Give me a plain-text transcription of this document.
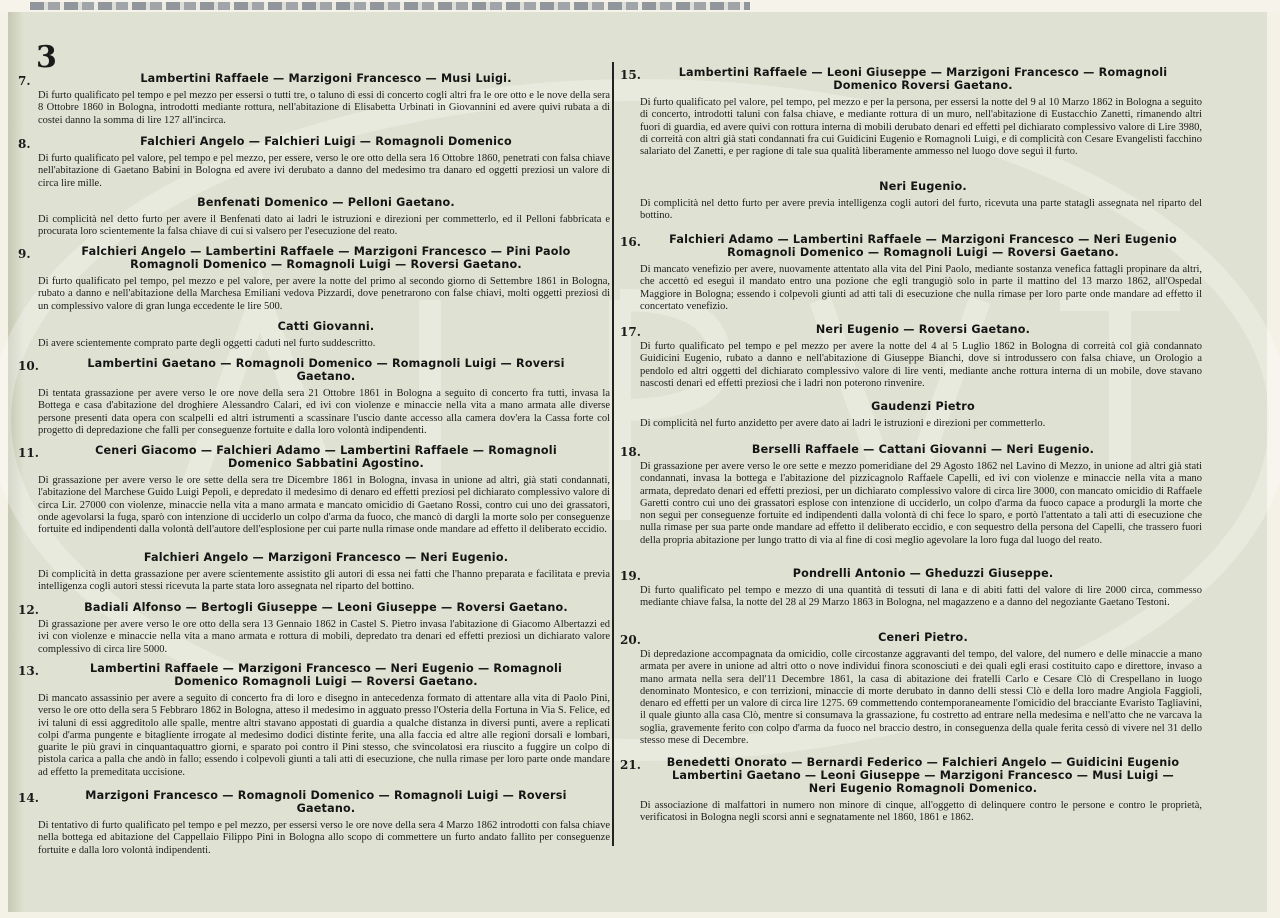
3
7.	Lambertini Raffaele — Marzigoni Francesco — Musi Luigi.
Di furto qualificato pel tempo e pel mezzo per essersi o tutti tre, o taluno di essi di concerto cogli altri fra le ore otto e le nove della sera 8 Ottobre 1860 in Bologna, introdotti mediante rottura, nell'abitazione di Elisabetta Urbinati in Giovannini ed avere quivi rubata a di costei danno la somma di lire 127 all'incirca.
8.	Falchieri Angelo — Falchieri Luigi — Romagnoli Domenico
Di furto qualificato pel valore, pel tempo e pel mezzo, per essere, verso le ore otto della sera 16 Ottobre 1860, penetrati con falsa chiave nell'abitazione di Gaetano Babini in Bologna ed avere ivi derubato a danno del medesimo tra danaro ed oggetti preziosi un valore di circa lire mille.
Benfenati Domenico — Pelloni Gaetano.
Di complicità nel detto furto per avere il Benfenati dato ai ladri le istruzioni e direzioni per commetterlo, ed il Pelloni fabbricata e procurata loro scientemente la falsa chiave di cui si valsero per l'esecuzione del reato.
9.	Falchieri Angelo — Lambertini Raffaele — Marzigoni Francesco — Pini Paolo Romagnoli Domenico — Romagnoli Luigi — Roversi Gaetano.
Di furto qualificato pel tempo, pel mezzo e pel valore, per avere la notte del primo al secondo giorno di Settembre 1861 in Bologna, rubato a danno e nell'abitazione della Marchesa Emiliani vedova Pizzardi, dove penetrarono con false chiavi, molti oggetti preziosi di un complessivo valore di gran lunga eccedente le lire 500.
Catti Giovanni.
Di avere scientemente comprato parte degli oggetti caduti nel furto suddescritto.
10.	Lambertini Gaetano — Romagnoli Domenico — Romagnoli Luigi — Roversi Gaetano.
Di tentata grassazione per avere verso le ore nove della sera 21 Ottobre 1861 in Bologna a seguito di concerto fra tutti, invasa la Bottega e casa d'abitazione del droghiere Alessandro Calari, ed ivi con violenze e minaccie nella vita a mano armata alle diverse persone presenti data opera con scalpelli ed altri istrumenti a scassinare l'uscio dante accesso alla camera dov'era la Cassa forte col progetto di depredazione che fallì per conseguenze fortuite e dalla loro volontà indipendenti.
11.	Ceneri Giacomo — Falchieri Adamo — Lambertini Raffaele — Romagnoli Domenico Sabbatini Agostino.
Di grassazione per avere verso le ore sette della sera tre Dicembre 1861 in Bologna, invasa in unione ad altri, già stati condannati, l'abitazione del Marchese Guido Luigi Pepoli, e depredato il medesimo di denaro ed effetti preziosi pel dichiarato complessivo valore di circa Lir. 27000 con violenze, minaccie nella vita a mano armata e mancato omicidio di Gaetano Rossi, contro cui uno dei grassatori, onde agevolarsi la fuga, sparò con intenzione di ucciderlo un colpo d'arma da fuoco, che mancò di dargli la morte solo per conseguenze fortuite ed indipendenti dalla volontà dell'autore dell'esplosione per cui parte nulla rimase onde mandare ad effetto il deliberato eccidio.
Falchieri Angelo — Marzigoni Francesco — Neri Eugenio.
Di complicità in detta grassazione per avere scientemente assistito gli autori di essa nei fatti che l'hanno preparata e facilitata e previa intelligenza cogli autori stessi ricevuta la parte stata loro assegnata nel riparto del bottino.
12.	Badiali Alfonso — Bertogli Giuseppe — Leoni Giuseppe — Roversi Gaetano.
Di grassazione per avere verso le ore otto della sera 13 Gennaio 1862 in Castel S. Pietro invasa l'abitazione di Giacomo Albertazzi ed ivi con violenze e minaccie nella vita a mano armata e rottura di mobili, depredato tra denari ed effetti preziosi un dichiarato valore complessivo di circa lire 5000.
13.	Lambertini Raffaele — Marzigoni Francesco — Neri Eugenio — Romagnoli Domenico Romagnoli Luigi — Roversi Gaetano.
Di mancato assassinio per avere a seguito di concerto fra di loro e disegno in antecedenza formato di attentare alla vita di Paolo Pini, verso le ore otto della sera 5 Febbraro 1862 in Bologna, atteso il medesimo in agguato presso l'Osteria della Fortuna in Via S. Felice, ed ivi taluni di essi aggreditolo alle spalle, mentre altri stavano appostati di guardia a qualche distanza in diversi punti, avere a replicati colpi d'arma pungente e bitagliente irrogate al medesimo dodici distinte ferite, una alla faccia ed altre alle regioni dorsali e lombari, guarite le più gravi in cinquantaquattro giorni, e sparato poi contro il Pini stesso, che svincolatosi era riuscito a fuggire un colpo di pistola carica a palla che andò in fallo; essendo i colpevoli giunti a tali atti di esecuzione, che nulla rimase per loro parte onde mandare ad effetto la premeditata uccisione.
14.	Marzigoni Francesco — Romagnoli Domenico — Romagnoli Luigi — Roversi Gaetano.
Di tentativo di furto qualificato pel tempo e pel mezzo, per essersi verso le ore nove della sera 4 Marzo 1862 introdotti con falsa chiave nella bottega ed abitazione del Cappellaio Filippo Pini in Bologna allo scopo di commettere un furto andato fallito per conseguenze fortuite e dalla loro volontà indipendenti.
15.	Lambertini Raffaele — Leoni Giuseppe — Marzigoni Francesco — Romagnoli Domenico Roversi Gaetano.
Di furto qualificato pel valore, pel tempo, pel mezzo e per la persona, per essersi la notte del 9 al 10 Marzo 1862 in Bologna a seguito di concerto, introdotti taluni con falsa chiave, e mediante rottura di un muro, nell'abitazione di Eustacchio Zanetti, rimanendo altri fuori di guardia, ed avere quivi con rottura interna di mobili derubato denari ed effetti pel dichiarato complessivo valore di Lire 3980, di correità con altri già stati condannati fra cui Guidicini Eugenio e Romagnoli Luigi, e di complicità con Cesare Evangelisti facchino salariato del Zanetti, e per ragione di tale sua qualità liberamente ammesso nel luogo dove seguì il furto.
Neri Eugenio.
Di complicità nel detto furto per avere previa intelligenza cogli autori del furto, ricevuta una parte statagli assegnata nel riparto del bottino.
16.	Falchieri Adamo — Lambertini Raffaele — Marzigoni Francesco — Neri Eugenio Romagnoli Domenico — Romagnoli Luigi — Roversi Gaetano.
Di mancato venefizio per avere, nuovamente attentato alla vita del Pini Paolo, mediante sostanza venefica fattagli propinare da altri, che accettò ed eseguì il mandato entro una pozione che egli trangugiò solo in parte il mattino del 13 marzo 1862, all'Ospedal Maggiore in Bologna; essendo i colpevoli giunti ad atti tali di esecuzione che nulla rimase per loro parte onde mandare ad effetto il concertato venefizio.
17.	Neri Eugenio — Roversi Gaetano.
Di furto qualificato pel tempo e pel mezzo per avere la notte del 4 al 5 Luglio 1862 in Bologna di correità col già condannato Guidicini Eugenio, rubato a danno e nell'abitazione di Giuseppe Bianchi, dove si introdussero con falsa chiave, un Orologio a pendolo ed altri oggetti del dichiarato complessivo valore di lire venti, mediante anche rottura interna di un mobile, dove stavano nascosti denari ed effetti preziosi che i ladri non poterono rinvenire.
Gaudenzi Pietro
Di complicità nel furto anzidetto per avere dato ai ladri le istruzioni e direzioni per commetterlo.
18.	Berselli Raffaele — Cattani Giovanni — Neri Eugenio.
Di grassazione per avere verso le ore sette e mezzo pomeridiane del 29 Agosto 1862 nel Lavino di Mezzo, in unione ad altri già stati condannati, invasa la bottega e l'abitazione del pizzicagnolo Raffaele Capelli, ed ivi con violenze e minaccie nella vita a mano armata, depredato denari ed effetti preziosi, per un dichiarato complessivo valore di circa lire 3000, con mancato omicidio di Raffaele Garetti contro cui uno dei grassatori esplose con intenzione di ucciderlo, un colpo d'arma da fuoco capace a produrgli la morte che non seguì per conseguenze fortuite ed indipendenti dalla volontà di chi fece lo sparo, e portò l'attentato a tali atti di esecuzione che nulla rimase per sua parte onde mandare ad effetto il deliberato eccidio, e con sequestro della persona del Capelli, che trassero fuori della propria abitazione per lungo tratto di via al fine di così meglio agevolare la loro fuga dal luogo del reato.
19.	Pondrelli Antonio — Gheduzzi Giuseppe.
Di furto qualificato pel tempo e mezzo di una quantità di tessuti di lana e di abiti fatti del valore di lire 2000 circa, commesso mediante chiave falsa, la notte del 28 al 29 Marzo 1863 in Bologna, nel magazzeno e a danno del negoziante Gaetano Testoni.
20.	Ceneri Pietro.
Di depredazione accompagnata da omicidio, colle circostanze aggravanti del tempo, del valore, del numero e delle minaccie a mano armata per avere in unione ad altri otto o nove individui finora sconosciuti e dei quali egli erasi costituito capo e direttore, invaso a mano armata nella sera dell'11 Decembre 1861, la casa di abitazione dei fratelli Carlo e Cesare Clò di Crespellano in luogo denominato Montesico, e con terrizioni, minaccie di morte derubato in danno delli stessi Clò e della loro madre Angiola Faggioli, denaro ed effetti per un valore di circa lire 1275. 69 commettendo contemporaneamente l'omicidio del bracciante Evaristo Tagliavini, il quale giunto alla casa Clò, mentre si consumava la grassazione, fu costretto ad entrare nella medesima e nell'atto che ne varcava la soglia, gravemente ferito con colpo d'arma da fuoco nel braccio destro, in conseguenza della quale ferita cessò di vivere nel 31 dello stesso mese di Decembre.
21.	Benedetti Onorato — Bernardi Federico — Falchieri Angelo — Guidicini Eugenio Lambertini Gaetano — Leoni Giuseppe — Marzigoni Francesco — Musi Luigi — Neri Eugenio Romagnoli Domenico.
Di associazione di malfattori in numero non minore di cinque, all'oggetto di delinquere contro le persone e contro le proprietà, verificatosi in Bologna negli scorsi anni e segnatamente nel 1860, 1861 e 1862.
